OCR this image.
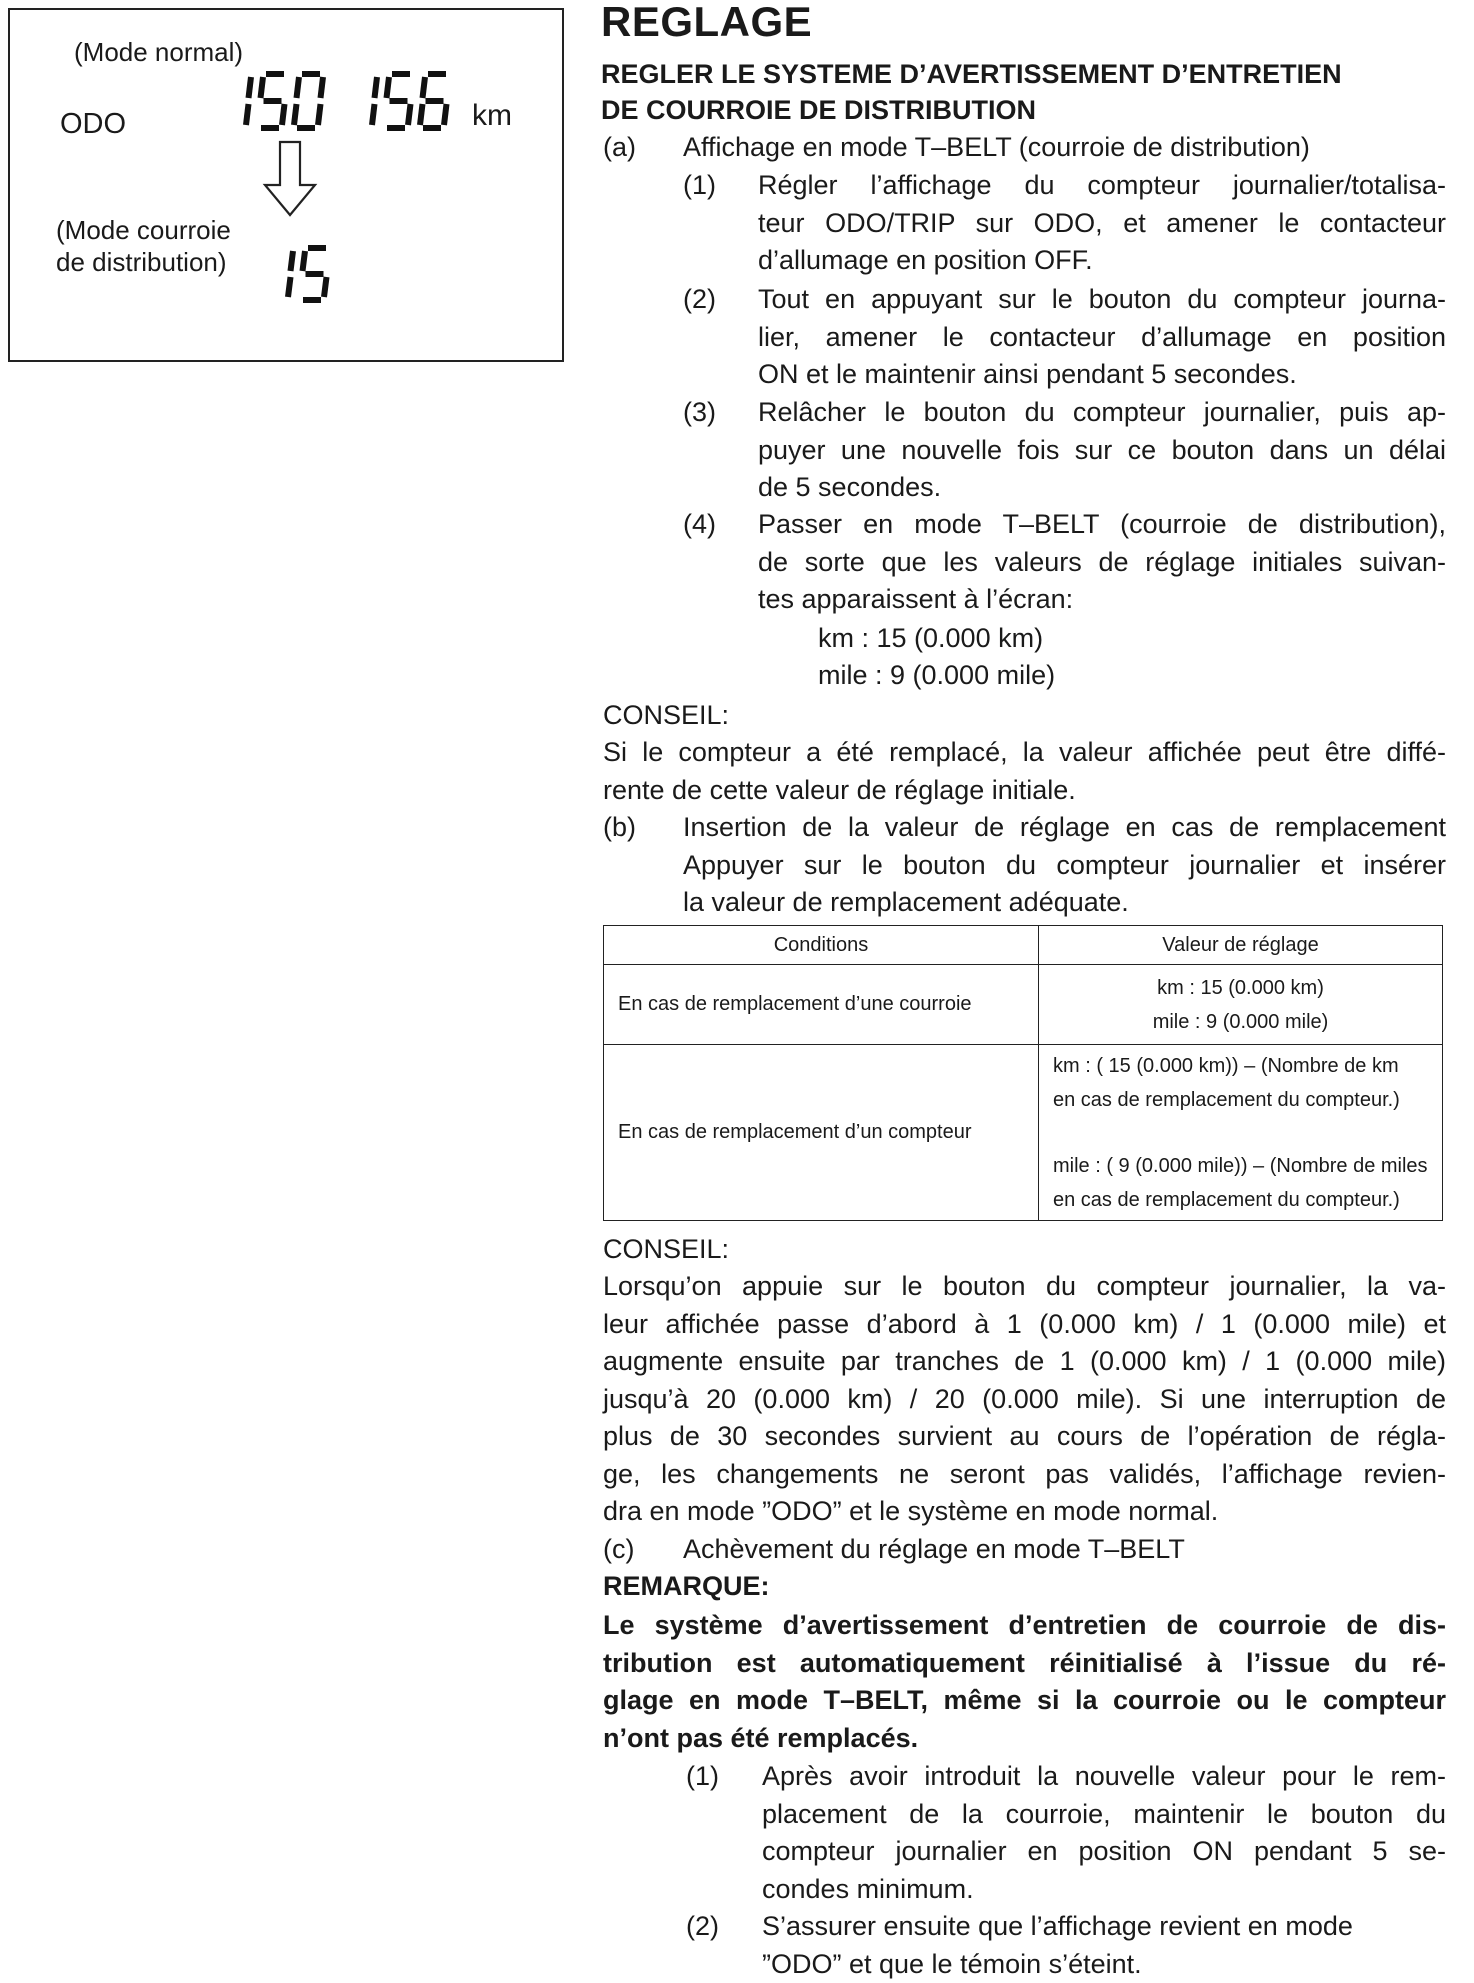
(Mode normal)
ODO
(Mode courroie
de distribution)
km
REGLAGE
REGLER LE SYSTEME D’AVERTISSEMENT D’ENTRETIEN
DE COURROIE DE DISTRIBUTION
(a) Affichage en mode T–BELT (courroie de distribution)
(1) Régler l’affichage du compteur journalier/totalisa-
teur ODO/TRIP sur ODO, et amener le contacteur
d’allumage en position OFF.
(2) Tout en appuyant sur le bouton du compteur journa-
lier, amener le contacteur d’allumage en position
ON et le maintenir ainsi pendant 5 secondes.
(3) Relâcher le bouton du compteur journalier, puis ap-
puyer une nouvelle fois sur ce bouton dans un délai
de 5 secondes.
(4) Passer en mode T–BELT (courroie de distribution),
de sorte que les valeurs de réglage initiales suivan-
tes apparaissent à l’écran:
km : 15 (0.000 km)
mile : 9 (0.000 mile)
CONSEIL:
Si le compteur a été remplacé, la valeur affichée peut être diffé-
rente de cette valeur de réglage initiale.
(b) Insertion de la valeur de réglage en cas de remplacement
Appuyer sur le bouton du compteur journalier et insérer
la valeur de remplacement adéquate.
Conditions	Valeur de réglage
En cas de remplacement d’une courroie	km : 15 (0.000 km)
mile : 9 (0.000 mile)

En cas de remplacement d’un compteur	km : ( 15 (0.000 km)) – (Nombre de km
en cas de remplacement du compteur.)
mile : ( 9 (0.000 mile)) – (Nombre de miles
en cas de remplacement du compteur.)
CONSEIL:
Lorsqu’on appuie sur le bouton du compteur journalier, la va-
leur affichée passe d’abord à 1 (0.000 km) / 1 (0.000 mile) et
augmente ensuite par tranches de 1 (0.000 km) / 1 (0.000 mile)
jusqu’à 20 (0.000 km) / 20 (0.000 mile). Si une interruption de
plus de 30 secondes survient au cours de l’opération de régla-
ge, les changements ne seront pas validés, l’affichage revien-
dra en mode ”ODO” et le système en mode normal.
(c) Achèvement du réglage en mode T–BELT
REMARQUE:
Le système d’avertissement d’entretien de courroie de dis-
tribution est automatiquement réinitialisé à l’issue du ré-
glage en mode T–BELT, même si la courroie ou le compteur
n’ont pas été remplacés.
(1) Après avoir introduit la nouvelle valeur pour le rem-
placement de la courroie, maintenir le bouton du
compteur journalier en position ON pendant 5 se-
condes minimum.
(2) S’assurer ensuite que l’affichage revient en mode
”ODO” et que le témoin s’éteint.
